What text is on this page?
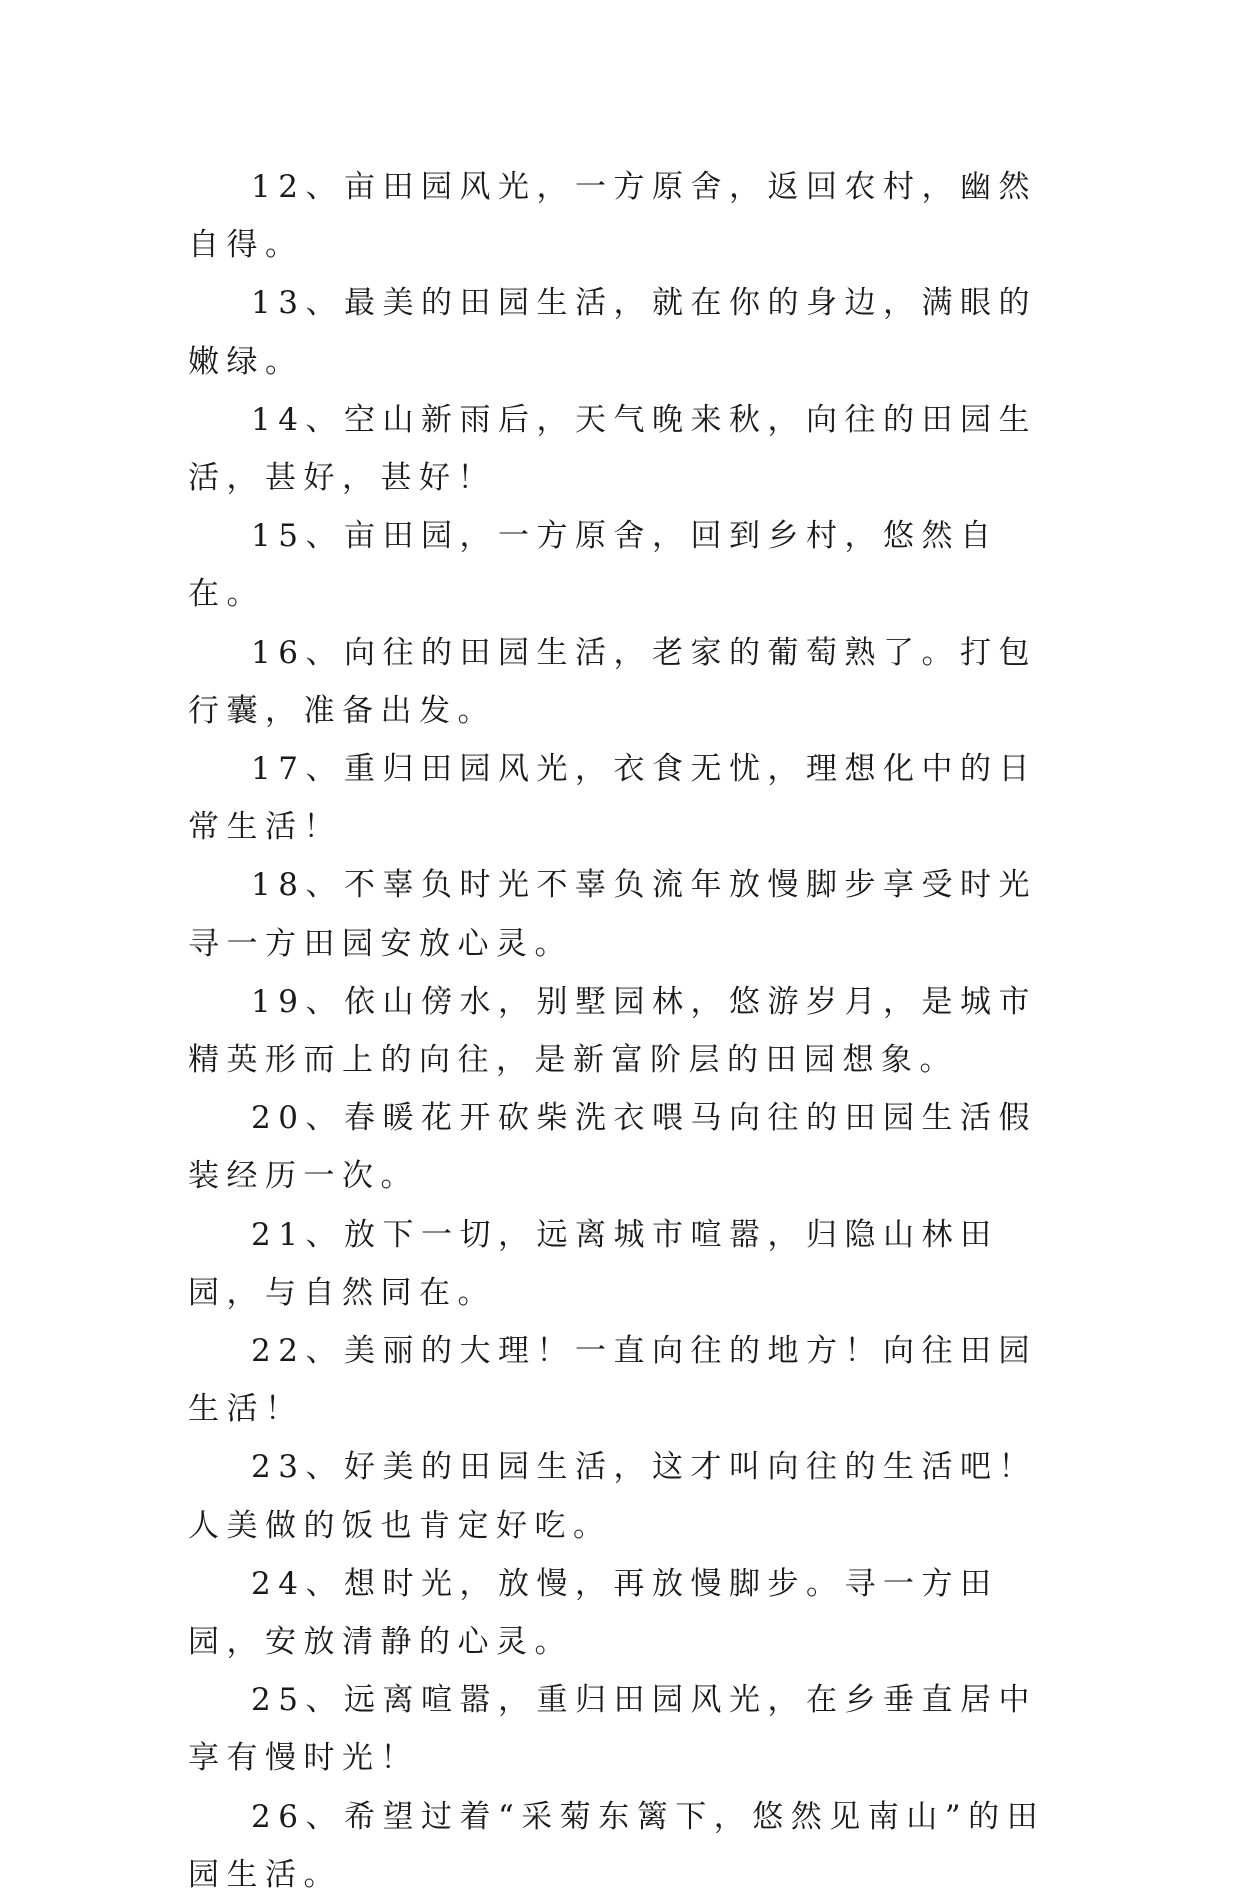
12、亩田园风光，一方原舍，返回农村，幽然自得。

13、最美的田园生活，就在你的身边，满眼的嫩绿。

14、空山新雨后，天气晚来秋，向往的田园生活，甚好，甚好！

15、亩田园，一方原舍，回到乡村，悠然自在。

16、向往的田园生活，老家的葡萄熟了。打包行囊，准备出发。

17、重归田园风光，衣食无忧，理想化中的日常生活！

18、不辜负时光不辜负流年放慢脚步享受时光寻一方田园安放心灵。

19、依山傍水，别墅园林，悠游岁月，是城市精英形而上的向往，是新富阶层的田园想象。

20、春暖花开砍柴洗衣喂马向往的田园生活假装经历一次。

21、放下一切，远离城市喧嚣，归隐山林田园，与自然同在。

22、美丽的大理！一直向往的地方！向往田园生活！

23、好美的田园生活，这才叫向往的生活吧！人美做的饭也肯定好吃。

24、想时光，放慢，再放慢脚步。寻一方田园，安放清静的心灵。

25、远离喧嚣，重归田园风光，在乡垂直居中享有慢时光！

26、希望过着“采菊东篱下，悠然见南山”的田园生活。
